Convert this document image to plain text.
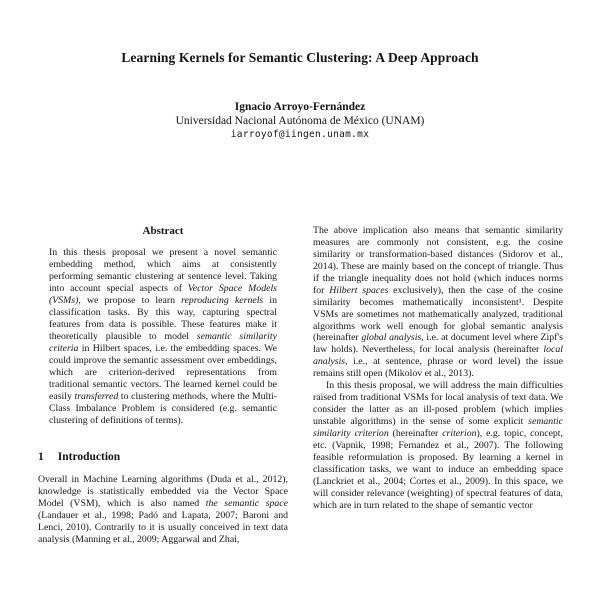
Learning Kernels for Semantic Clustering: A Deep Approach
Ignacio Arroyo-Fernández
Universidad Nacional Autónoma de México (UNAM)
iarroyof@iingen.unam.mx
Abstract

In this thesis proposal we present a novel semantic embedding method, which aims at consistently performing semantic clustering at sentence level. Taking into account special aspects of Vector Space Models (VSMs), we propose to learn reproducing kernels in classification tasks. By this way, capturing spectral features from data is possible. These features make it theoretically plausible to model semantic similarity criteria in Hilbert spaces, i.e. the embedding spaces. We could improve the semantic assessment over embeddings, which are criterion-derived representations from traditional semantic vectors. The learned kernel could be easily transferred to clustering methods, where the Multi-Class Imbalance Problem is considered (e.g. semantic clustering of definitions of terms).

1 Introduction

Overall in Machine Learning algorithms (Duda et al., 2012), knowledge is statistically embedded via the Vector Space Model (VSM), which is also named the semantic space (Landauer et al., 1998; Padó and Lapata, 2007; Baroni and Lenci, 2010). Contrarily to it is usually conceived in text data analysis (Manning et al., 2009; Aggarwal and Zhai,

The above implication also means that semantic similarity measures are commonly not consistent, e.g. the cosine similarity or transformation-based distances (Sidorov et al., 2014). These are mainly based on the concept of triangle. Thus if the triangle inequality does not hold (which induces norms for Hilbert spaces exclusively), then the case of the cosine similarity becomes mathematically inconsistent¹. Despite VSMs are sometimes not mathematically analyzed, traditional algorithms work well enough for global semantic analysis (hereinafter global analysis, i.e. at document level where Zipf's law holds). Nevertheless, for local analysis (hereinafter local analysis, i.e., at sentence, phrase or word level) the issue remains still open (Mikolov et al., 2013).

In this thesis proposal, we will address the main difficulties raised from traditional VSMs for local analysis of text data. We consider the latter as an ill-posed problem (which implies unstable algorithms) in the sense of some explicit semantic similarity criterion (hereinafter criterion), e.g. topic, concept, etc. (Vapnik, 1998; Fernandez et al., 2007). The following feasible reformulation is proposed. By learning a kernel in classification tasks, we want to induce an embedding space (Lanckriet et al., 2004; Cortes et al., 2009). In this space, we will consider relevance (weighting) of spectral features of data, which are in turn related to the shape of semantic vector
